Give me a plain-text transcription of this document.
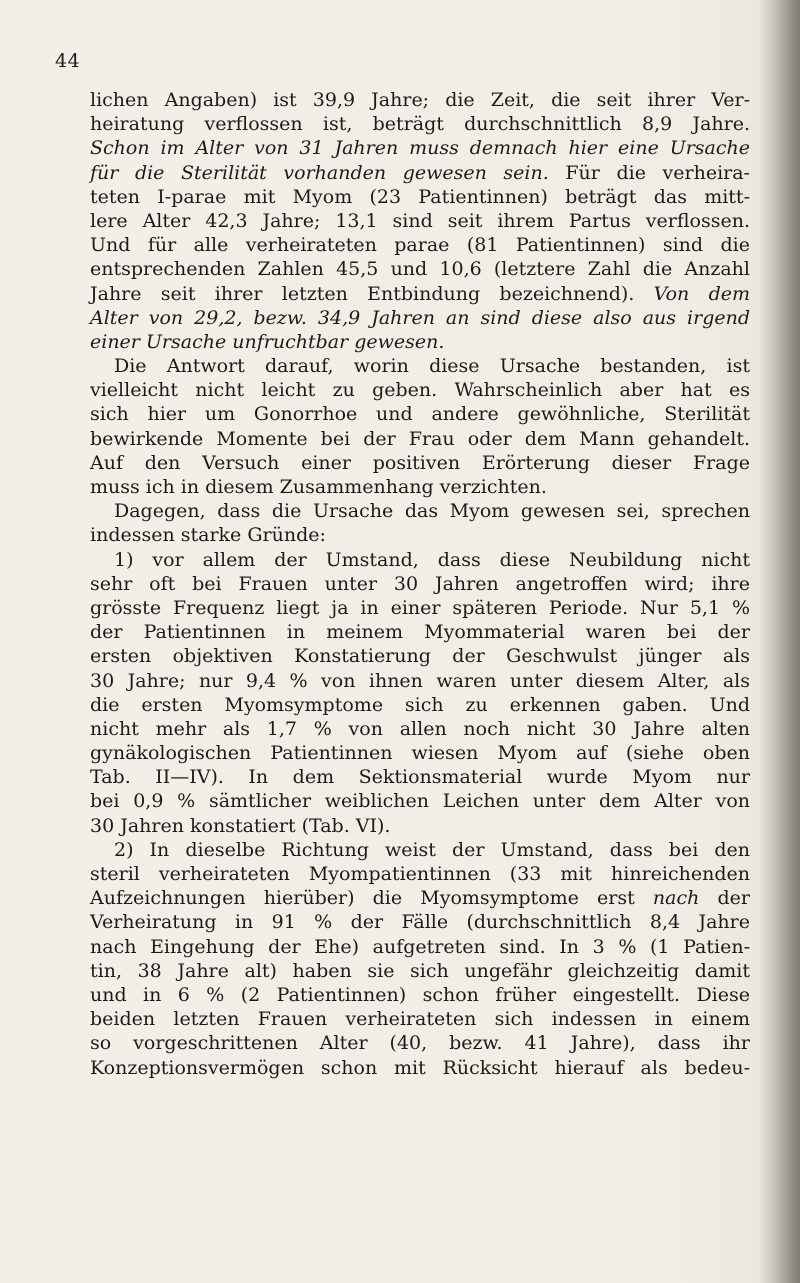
44
lichen Angaben) ist 39,9 Jahre; die Zeit, die seit ihrer Ver-
heiratung verflossen ist, beträgt durchschnittlich 8,9 Jahre.
Schon im Alter von 31 Jahren muss demnach hier eine Ursache
für die Sterilität vorhanden gewesen sein. Für die verheira-
teten I-parae mit Myom (23 Patientinnen) beträgt das mitt-
lere Alter 42,3 Jahre; 13,1 sind seit ihrem Partus verflossen.
Und für alle verheirateten parae (81 Patientinnen) sind die
entsprechenden Zahlen 45,5 und 10,6 (letztere Zahl die Anzahl
Jahre seit ihrer letzten Entbindung bezeichnend). Von dem
Alter von 29,2, bezw. 34,9 Jahren an sind diese also aus irgend
einer Ursache unfruchtbar gewesen.
Die Antwort darauf, worin diese Ursache bestanden, ist
vielleicht nicht leicht zu geben. Wahrscheinlich aber hat es
sich hier um Gonorrhoe und andere gewöhnliche, Sterilität
bewirkende Momente bei der Frau oder dem Mann gehandelt.
Auf den Versuch einer positiven Erörterung dieser Frage
muss ich in diesem Zusammenhang verzichten.
Dagegen, dass die Ursache das Myom gewesen sei, sprechen
indessen starke Gründe:
1) vor allem der Umstand, dass diese Neubildung nicht
sehr oft bei Frauen unter 30 Jahren angetroffen wird; ihre
grösste Frequenz liegt ja in einer späteren Periode. Nur 5,1 %
der Patientinnen in meinem Myommaterial waren bei der
ersten objektiven Konstatierung der Geschwulst jünger als
30 Jahre; nur 9,4 % von ihnen waren unter diesem Alter, als
die ersten Myomsymptome sich zu erkennen gaben. Und
nicht mehr als 1,7 % von allen noch nicht 30 Jahre alten
gynäkologischen Patientinnen wiesen Myom auf (siehe oben
Tab. II—IV). In dem Sektionsmaterial wurde Myom nur
bei 0,9 % sämtlicher weiblichen Leichen unter dem Alter von
30 Jahren konstatiert (Tab. VI).
2) In dieselbe Richtung weist der Umstand, dass bei den
steril verheirateten Myompatientinnen (33 mit hinreichenden
Aufzeichnungen hierüber) die Myomsymptome erst nach der
Verheiratung in 91 % der Fälle (durchschnittlich 8,4 Jahre
nach Eingehung der Ehe) aufgetreten sind. In 3 % (1 Patien-
tin, 38 Jahre alt) haben sie sich ungefähr gleichzeitig damit
und in 6 % (2 Patientinnen) schon früher eingestellt. Diese
beiden letzten Frauen verheirateten sich indessen in einem
so vorgeschrittenen Alter (40, bezw. 41 Jahre), dass ihr
Konzeptionsvermögen schon mit Rücksicht hierauf als bedeu-
